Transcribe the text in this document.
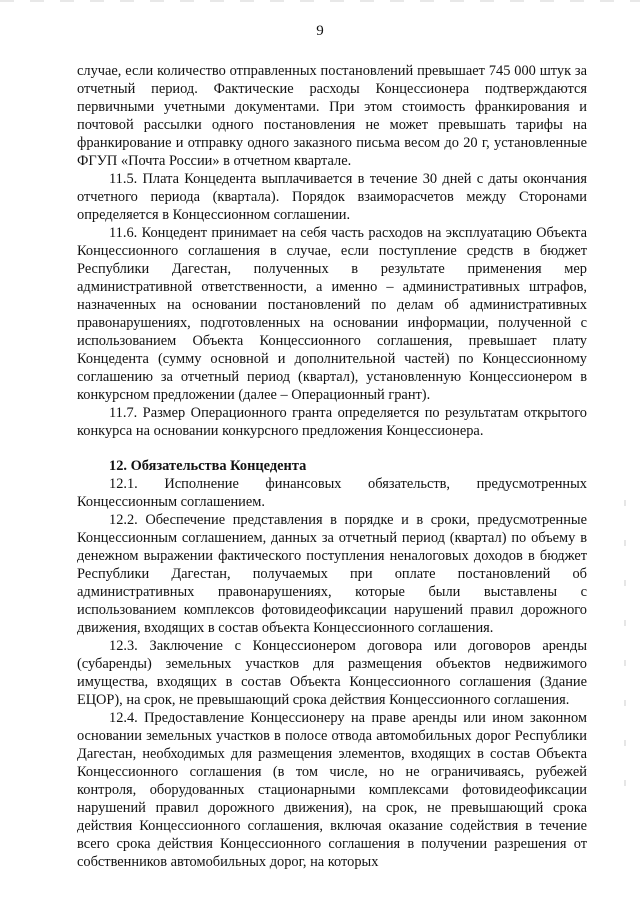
9

случае, если количество отправленных постановлений превышает 745 000 штук за отчетный период. Фактические расходы Концессионера подтверждаются первичными учетными документами. При этом стоимость франкирования и почтовой рассылки одного постановления не может превышать тарифы на франкирование и отправку одного заказного письма весом до 20 г, установленные ФГУП «Почта России» в отчетном квартале.

11.5. Плата Концедента выплачивается в течение 30 дней с даты окончания отчетного периода (квартала). Порядок взаиморасчетов между Сторонами определяется в Концессионном соглашении.

11.6. Концедент принимает на себя часть расходов на эксплуатацию Объекта Концессионного соглашения в случае, если поступление средств в бюджет Республики Дагестан, полученных в результате применения мер административной ответственности, а именно – административных штрафов, назначенных на основании постановлений по делам об административных правонарушениях, подготовленных на основании информации, полученной с использованием Объекта Концессионного соглашения, превышает плату Концедента (сумму основной и дополнительной частей) по Концессионному соглашению за отчетный период (квартал), установленную Концессионером в конкурсном предложении (далее – Операционный грант).

11.7. Размер Операционного гранта определяется по результатам открытого конкурса на основании конкурсного предложения Концессионера.

12. Обязательства Концедента

12.1. Исполнение финансовых обязательств, предусмотренных Концессионным соглашением.

12.2. Обеспечение представления в порядке и в сроки, предусмотренные Концессионным соглашением, данных за отчетный период (квартал) по объему в денежном выражении фактического поступления неналоговых доходов в бюджет Республики Дагестан, получаемых при оплате постановлений об административных правонарушениях, которые были выставлены с использованием комплексов фотовидеофиксации нарушений правил дорожного движения, входящих в состав объекта Концессионного соглашения.

12.3. Заключение с Концессионером договора или договоров аренды (субаренды) земельных участков для размещения объектов недвижимого имущества, входящих в состав Объекта Концессионного соглашения (Здание ЕЦОР), на срок, не превышающий срока действия Концессионного соглашения.

12.4. Предоставление Концессионеру на праве аренды или ином законном основании земельных участков в полосе отвода автомобильных дорог Республики Дагестан, необходимых для размещения элементов, входящих в состав Объекта Концессионного соглашения (в том числе, но не ограничиваясь, рубежей контроля, оборудованных стационарными комплексами фотовидеофиксации нарушений правил дорожного движения), на срок, не превышающий срока действия Концессионного соглашения, включая оказание содействия в течение всего срока действия Концессионного соглашения в получении разрешения от собственников автомобильных дорог, на которых
